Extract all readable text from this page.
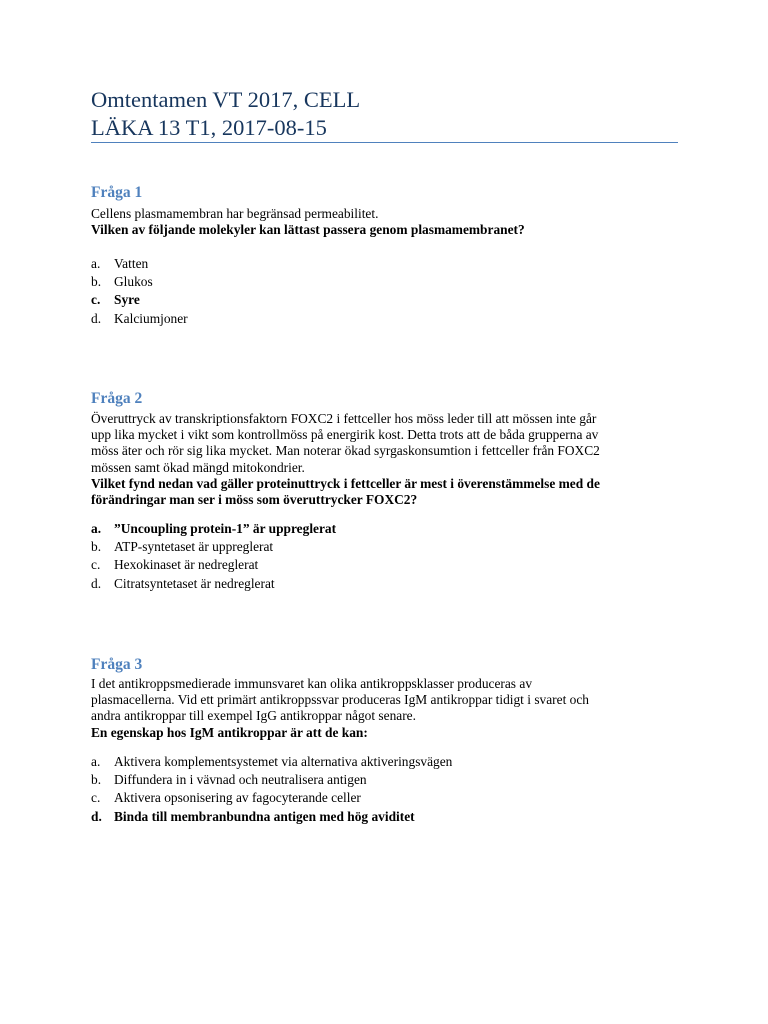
Omtentamen VT 2017, CELL
LÄKA 13 T1, 2017-08-15
Fråga 1
Cellens plasmamembran har begränsad permeabilitet.
Vilken av följande molekyler kan lättast passera genom plasmamembranet?
a.	Vatten
b. Glukos
c.	Syre
d. Kalciumjoner
Fråga 2
Överuttryck av transkriptionsfaktorn FOXC2 i fettceller hos möss leder till att mössen inte går
upp lika mycket i vikt som kontrollmöss på energirik kost. Detta trots att de båda grupperna av
möss äter och rör sig lika mycket. Man noterar ökad syrgaskonsumtion i fettceller från FOXC2
mössen samt ökad mängd mitokondrier.
Vilket fynd nedan vad gäller proteinuttryck i fettceller är mest i överenstämmelse med de
förändringar man ser i möss som överuttrycker FOXC2?
a. ”Uncoupling protein-1” är uppreglerat
b. ATP-syntetaset är uppreglerat
c.	Hexokinaset är nedreglerat
d. Citratsyntetaset är nedreglerat
Fråga 3
I det antikroppsmedierade immunsvaret kan olika antikroppsklasser produceras av
plasmacellerna. Vid ett primärt antikroppssvar produceras IgM antikroppar tidigt i svaret och
andra antikroppar till exempel IgG antikroppar något senare.
En egenskap hos IgM antikroppar är att de kan:
a.	Aktivera komplementsystemet via alternativa aktiveringsvägen
b. Diffundera in i vävnad och neutralisera antigen
c.	Aktivera opsonisering av fagocyterande celler
d. Binda till membranbundna antigen med hög aviditet
